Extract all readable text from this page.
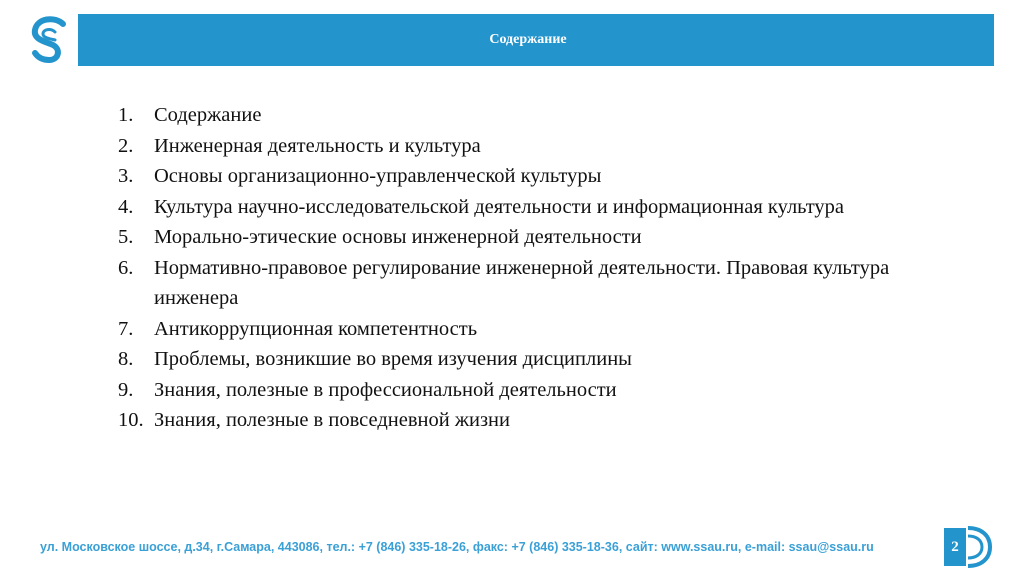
Содержание
1.	Содержание
2.	Инженерная деятельность и культура
3.	Основы организационно-управленческой культуры
4.	Культура научно-исследовательской деятельности и информационная культура
5.	Морально-этические основы инженерной деятельности
6.	Нормативно-правовое регулирование инженерной деятельности. Правовая культура инженера
7.	Антикоррупционная компетентность
8.	Проблемы, возникшие во время изучения дисциплины
9.	Знания, полезные в профессиональной деятельности
10. Знания, полезные в повседневной жизни
ул. Московское шоссе, д.34, г.Самара, 443086, тел.: +7 (846) 335-18-26, факс: +7 (846) 335-18-36, сайт: www.ssau.ru, e-mail: ssau@ssau.ru	2
